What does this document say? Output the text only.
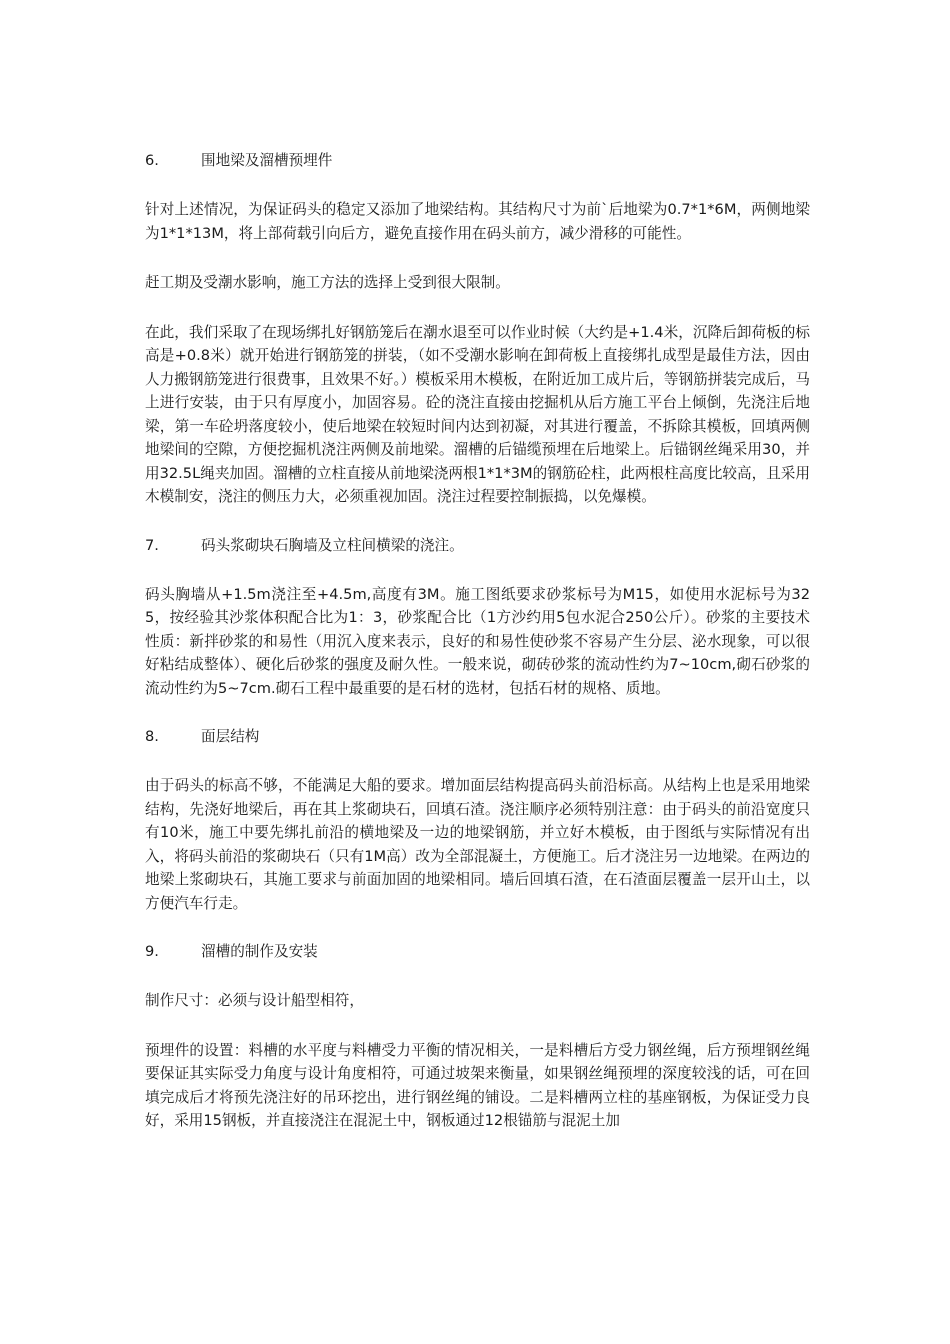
6.	围地梁及溜槽预埋件

针对上述情况，为保证码头的稳定又添加了地梁结构。其结构尺寸为前`后地梁为0.7*1*6M，两侧地梁为1*1*13M，将上部荷载引向后方，避免直接作用在码头前方，减少滑移的可能性。

赶工期及受潮水影响，施工方法的选择上受到很大限制。

在此，我们采取了在现场绑扎好钢筋笼后在潮水退至可以作业时候（大约是+1.4米，沉降后卸荷板的标高是+0.8米）就开始进行钢筋笼的拼装，（如不受潮水影响在卸荷板上直接绑扎成型是最佳方法，因由人力搬钢筋笼进行很费事，且效果不好。）模板采用木模板，在附近加工成片后，等钢筋拼装完成后，马上进行安装，由于只有厚度小，加固容易。砼的浇注直接由挖掘机从后方施工平台上倾倒，先浇注后地梁，第一车砼坍落度较小，使后地梁在较短时间内达到初凝，对其进行覆盖，不拆除其模板，回填两侧地梁间的空隙，方便挖掘机浇注两侧及前地梁。溜槽的后锚缆预埋在后地梁上。后锚钢丝绳采用30，并用32.5L绳夹加固。溜槽的立柱直接从前地梁浇两根1*1*3M的钢筋砼柱，此两根柱高度比较高，且采用木模制安，浇注的侧压力大，必须重视加固。浇注过程要控制振捣，以免爆模。

7.	码头浆砌块石胸墙及立柱间横梁的浇注。

码头胸墙从+1.5m浇注至+4.5m,高度有3M。施工图纸要求砂浆标号为M15，如使用水泥标号为325，按经验其沙浆体积配合比为1：3，砂浆配合比（1方沙约用5包水泥合250公斤）。砂浆的主要技术性质：新拌砂浆的和易性（用沉入度来表示，良好的和易性使砂浆不容易产生分层、泌水现象，可以很好粘结成整体）、硬化后砂浆的强度及耐久性。一般来说，砌砖砂浆的流动性约为7~10cm,砌石砂浆的流动性约为5~7cm.砌石工程中最重要的是石材的选材，包括石材的规格、质地。

8.	面层结构

由于码头的标高不够，不能满足大船的要求。增加面层结构提高码头前沿标高。从结构上也是采用地梁结构，先浇好地梁后，再在其上浆砌块石，回填石渣。浇注顺序必须特别注意：由于码头的前沿宽度只有10米，施工中要先绑扎前沿的横地梁及一边的地梁钢筋，并立好木模板，由于图纸与实际情况有出入，将码头前沿的浆砌块石（只有1M高）改为全部混凝土，方便施工。后才浇注另一边地梁。在两边的地梁上浆砌块石，其施工要求与前面加固的地梁相同。墙后回填石渣，在石渣面层覆盖一层开山土，以方便汽车行走。

9.	溜槽的制作及安装

制作尺寸：必须与设计船型相符，

预埋件的设置：料槽的水平度与料槽受力平衡的情况相关，一是料槽后方受力钢丝绳，后方预埋钢丝绳要保证其实际受力角度与设计角度相符，可通过坡架来衡量，如果钢丝绳预埋的深度较浅的话，可在回填完成后才将预先浇注好的吊环挖出，进行钢丝绳的铺设。二是料槽两立柱的基座钢板，为保证受力良好，采用15钢板，并直接浇注在混泥土中，钢板通过12根锚筋与混泥土加
